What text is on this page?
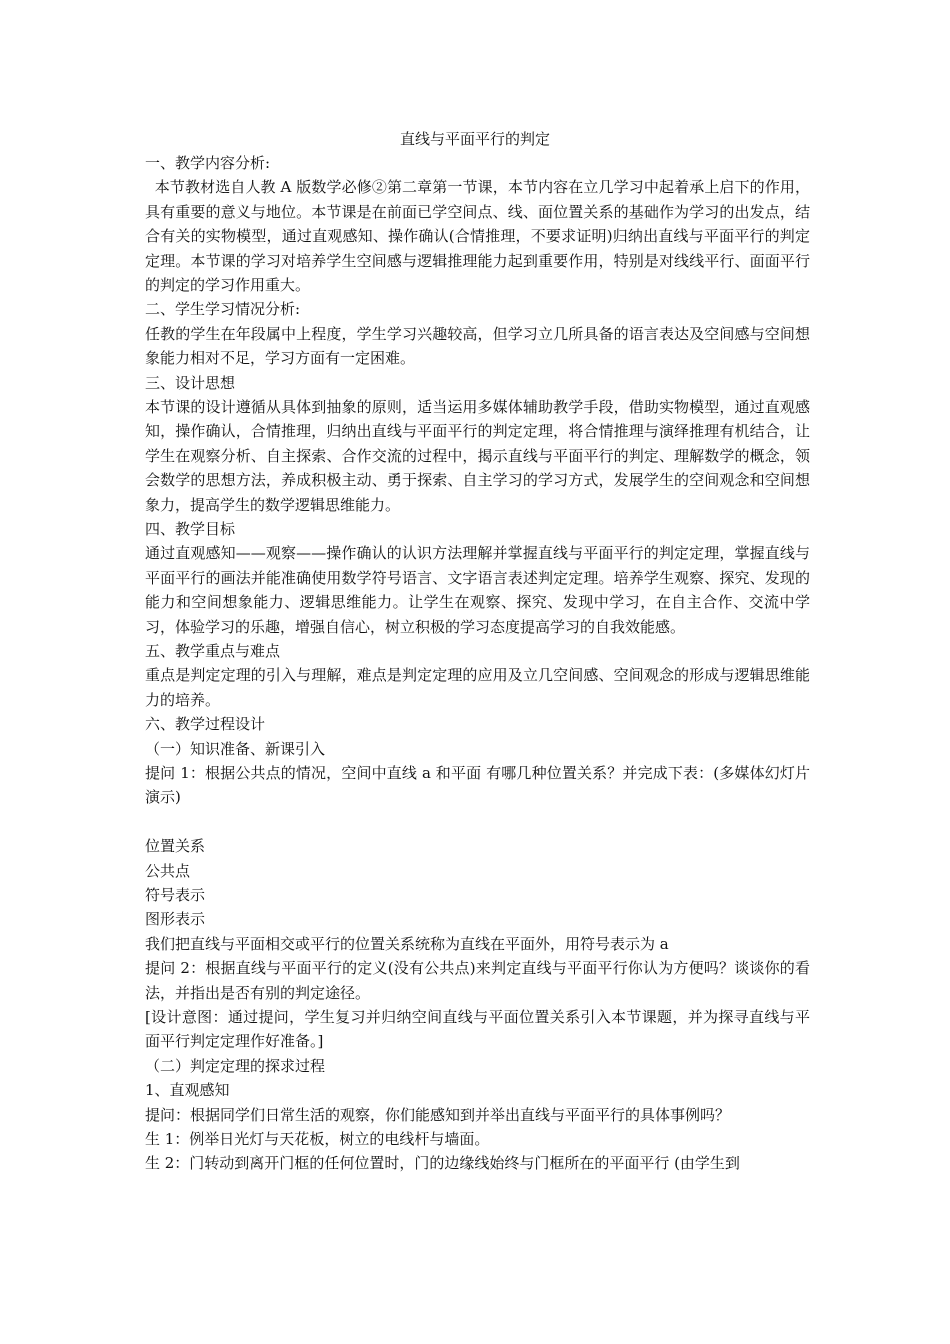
直线与平面平行的判定
一、教学内容分析:
本节教材选自人教 A 版数学必修②第二章第一节课，本节内容在立几学习中起着承上启下的作用，具有重要的意义与地位。本节课是在前面已学空间点、线、面位置关系的基础作为学习的出发点，结合有关的实物模型，通过直观感知、操作确认(合情推理，不要求证明)归纳出直线与平面平行的判定定理。本节课的学习对培养学生空间感与逻辑推理能力起到重要作用，特别是对线线平行、面面平行的判定的学习作用重大。
二、学生学习情况分析:
任教的学生在年段属中上程度，学生学习兴趣较高，但学习立几所具备的语言表达及空间感与空间想象能力相对不足，学习方面有一定困难。
三、设计思想
本节课的设计遵循从具体到抽象的原则，适当运用多媒体辅助教学手段，借助实物模型，通过直观感知，操作确认，合情推理，归纳出直线与平面平行的判定定理，将合情推理与演绎推理有机结合，让学生在观察分析、自主探索、合作交流的过程中，揭示直线与平面平行的判定、理解数学的概念，领会数学的思想方法，养成积极主动、勇于探索、自主学习的学习方式，发展学生的空间观念和空间想象力，提高学生的数学逻辑思维能力。
四、教学目标
通过直观感知——观察——操作确认的认识方法理解并掌握直线与平面平行的判定定理，掌握直线与平面平行的画法并能准确使用数学符号语言、文字语言表述判定定理。培养学生观察、探究、发现的能力和空间想象能力、逻辑思维能力。让学生在观察、探究、发现中学习，在自主合作、交流中学习，体验学习的乐趣，增强自信心，树立积极的学习态度提高学习的自我效能感。
五、教学重点与难点
重点是判定定理的引入与理解，难点是判定定理的应用及立几空间感、空间观念的形成与逻辑思维能力的培养。
六、教学过程设计
（一）知识准备、新课引入
提问 1：根据公共点的情况，空间中直线 a 和平面 有哪几种位置关系？并完成下表：(多媒体幻灯片演示)
位置关系
公共点
符号表示
图形表示
我们把直线与平面相交或平行的位置关系统称为直线在平面外，用符号表示为 a
提问 2：根据直线与平面平行的定义(没有公共点)来判定直线与平面平行你认为方便吗？谈谈你的看法，并指出是否有别的判定途径。
[设计意图：通过提问，学生复习并归纳空间直线与平面位置关系引入本节课题，并为探寻直线与平面平行判定定理作好准备。]
（二）判定定理的探求过程
1、直观感知
提问：根据同学们日常生活的观察，你们能感知到并举出直线与平面平行的具体事例吗？
生 1：例举日光灯与天花板，树立的电线杆与墙面。
生 2：门转动到离开门框的任何位置时，门的边缘线始终与门框所在的平面平行 (由学生到
